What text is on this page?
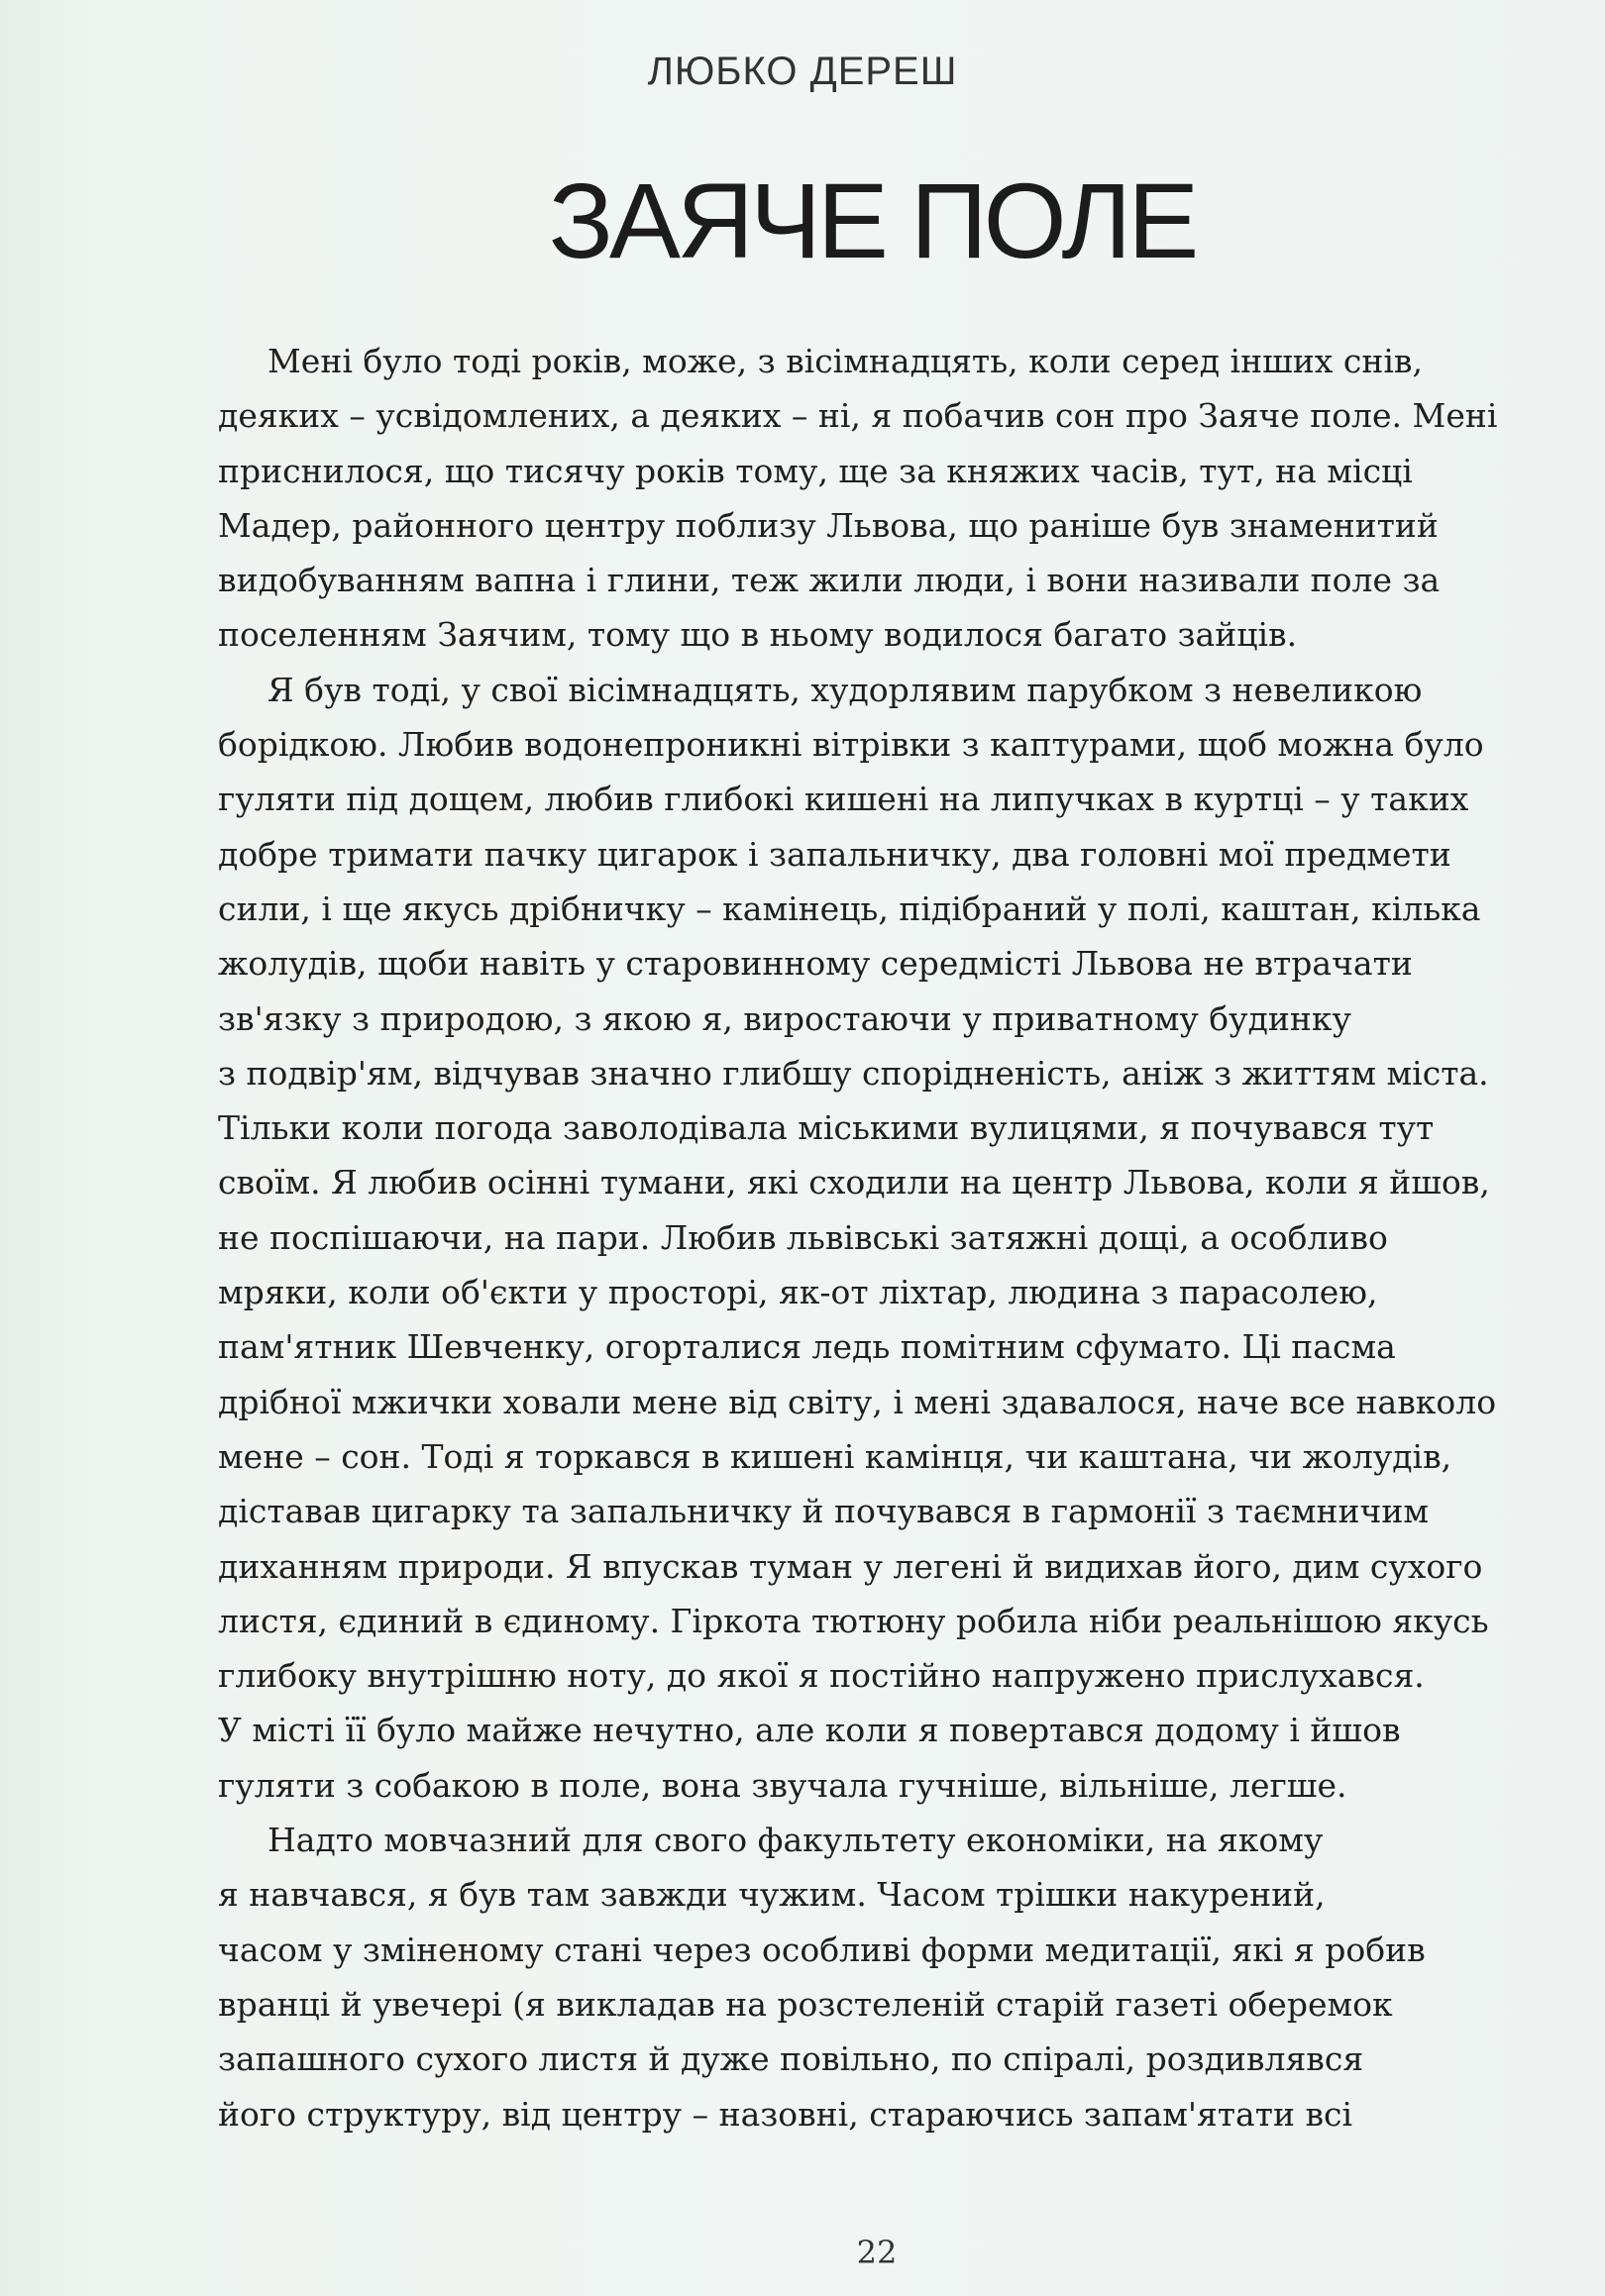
ЛЮБКО ДЕРЕШ
ЗАЯЧЕ ПОЛЕ
Мені було тоді років, може, з вісімнадцять, коли серед інших снів,
деяких – усвідомлених, а деяких – ні, я побачив сон про Заяче поле. Мені
приснилося, що тисячу років тому, ще за княжих часів, тут, на місці
Мадер, районного центру поблизу Львова, що раніше був знаменитий
видобуванням вапна і глини, теж жили люди, і вони називали поле за
поселенням Заячим, тому що в ньому водилося багато зайців.
Я був тоді, у свої вісімнадцять, худорлявим парубком з невеликою
борідкою. Любив водонепроникні вітрівки з каптурами, щоб можна було
гуляти під дощем, любив глибокі кишені на липучках в куртці – у таких
добре тримати пачку цигарок і запальничку, два головні мої предмети
сили, і ще якусь дрібничку – камінець, підібраний у полі, каштан, кілька
жолудів, щоби навіть у старовинному середмісті Львова не втрачати
зв'язку з природою, з якою я, виростаючи у приватному будинку
з подвір'ям, відчував значно глибшу спорідненість, аніж з життям міста.
Тільки коли погода заволодівала міськими вулицями, я почувався тут
своїм. Я любив осінні тумани, які сходили на центр Львова, коли я йшов,
не поспішаючи, на пари. Любив львівські затяжні дощі, а особливо
мряки, коли об'єкти у просторі, як-от ліхтар, людина з парасолею,
пам'ятник Шевченку, огорталися ледь помітним сфумато. Ці пасма
дрібної мжички ховали мене від світу, і мені здавалося, наче все навколо
мене – сон. Тоді я торкався в кишені камінця, чи каштана, чи жолудів,
діставав цигарку та запальничку й почувався в гармонії з таємничим
диханням природи. Я впускав туман у легені й видихав його, дим сухого
листя, єдиний в єдиному. Гіркота тютюну робила ніби реальнішою якусь
глибоку внутрішню ноту, до якої я постійно напружено прислухався.
У місті її було майже нечутно, але коли я повертався додому і йшов
гуляти з собакою в поле, вона звучала гучніше, вільніше, легше.
Надто мовчазний для свого факультету економіки, на якому
я навчався, я був там завжди чужим. Часом трішки накурений,
часом у зміненому стані через особливі форми медитації, які я робив
вранці й увечері (я викладав на розстеленій старій газеті оберемок
запашного сухого листя й дуже повільно, по спіралі, роздивлявся
його структуру, від центру – назовні, стараючись запам'ятати всі
22
